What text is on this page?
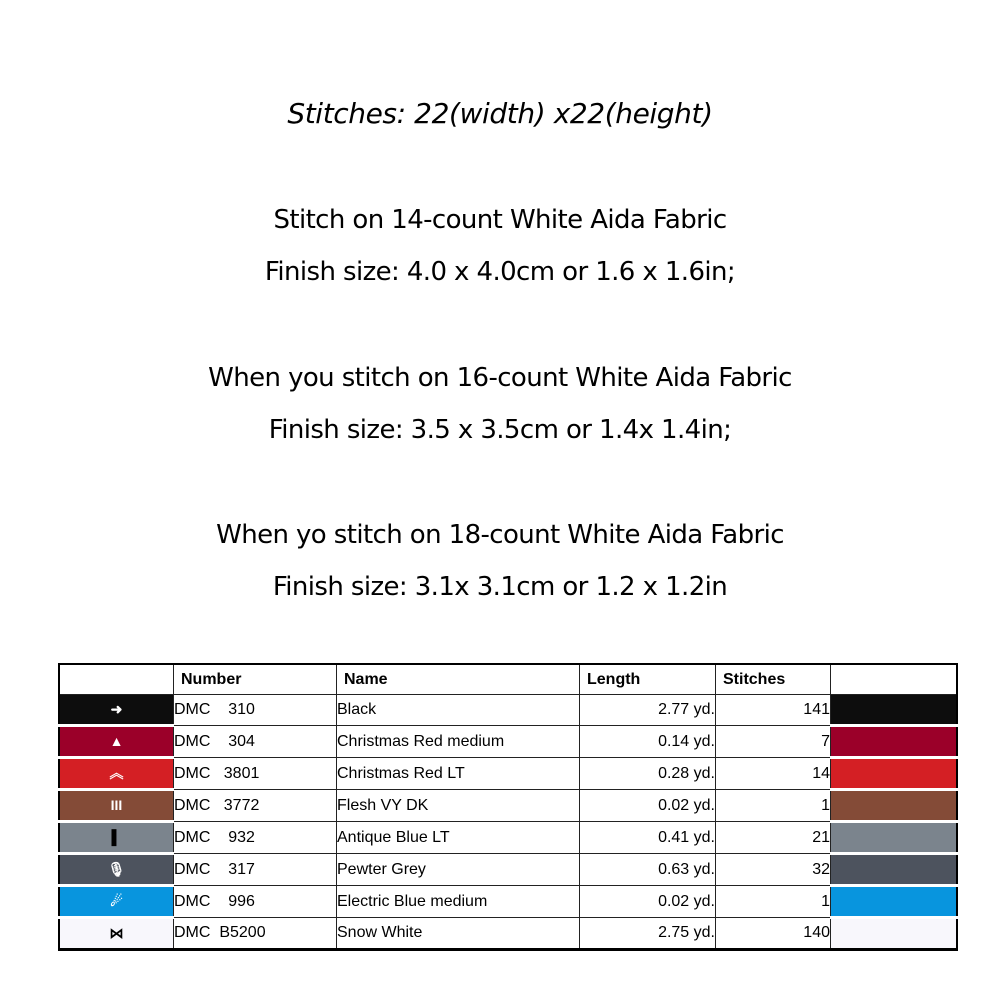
Stitches: 22(width) x22(height)
Stitch on 14-count White Aida Fabric
Finish size: 4.0 x 4.0cm or 1.6 x 1.6in;
When you stitch on 16-count White Aida Fabric
Finish size: 3.5 x 3.5cm or 1.4x 1.4in;
When yo stitch on 18-count White Aida Fabric
Finish size: 3.1x 3.1cm or 1.2 x 1.2in
	Number	Name	Length	Stitches	
➜	DMC    310	Black	2.77 yd.	141	
▲	DMC    304	Christmas Red medium	0.14 yd.	7	
︽	DMC   3801	Christmas Red LT	0.28 yd.	14	
III	DMC   3772	Flesh VY DK	0.02 yd.	1	
▌	DMC    932	Antique Blue LT	0.41 yd.	21	
🎙	DMC    317	Pewter Grey	0.63 yd.	32	
☄	DMC    996	Electric Blue medium	0.02 yd.	1	
⋈	DMC  B5200	Snow White	2.75 yd.	140	
